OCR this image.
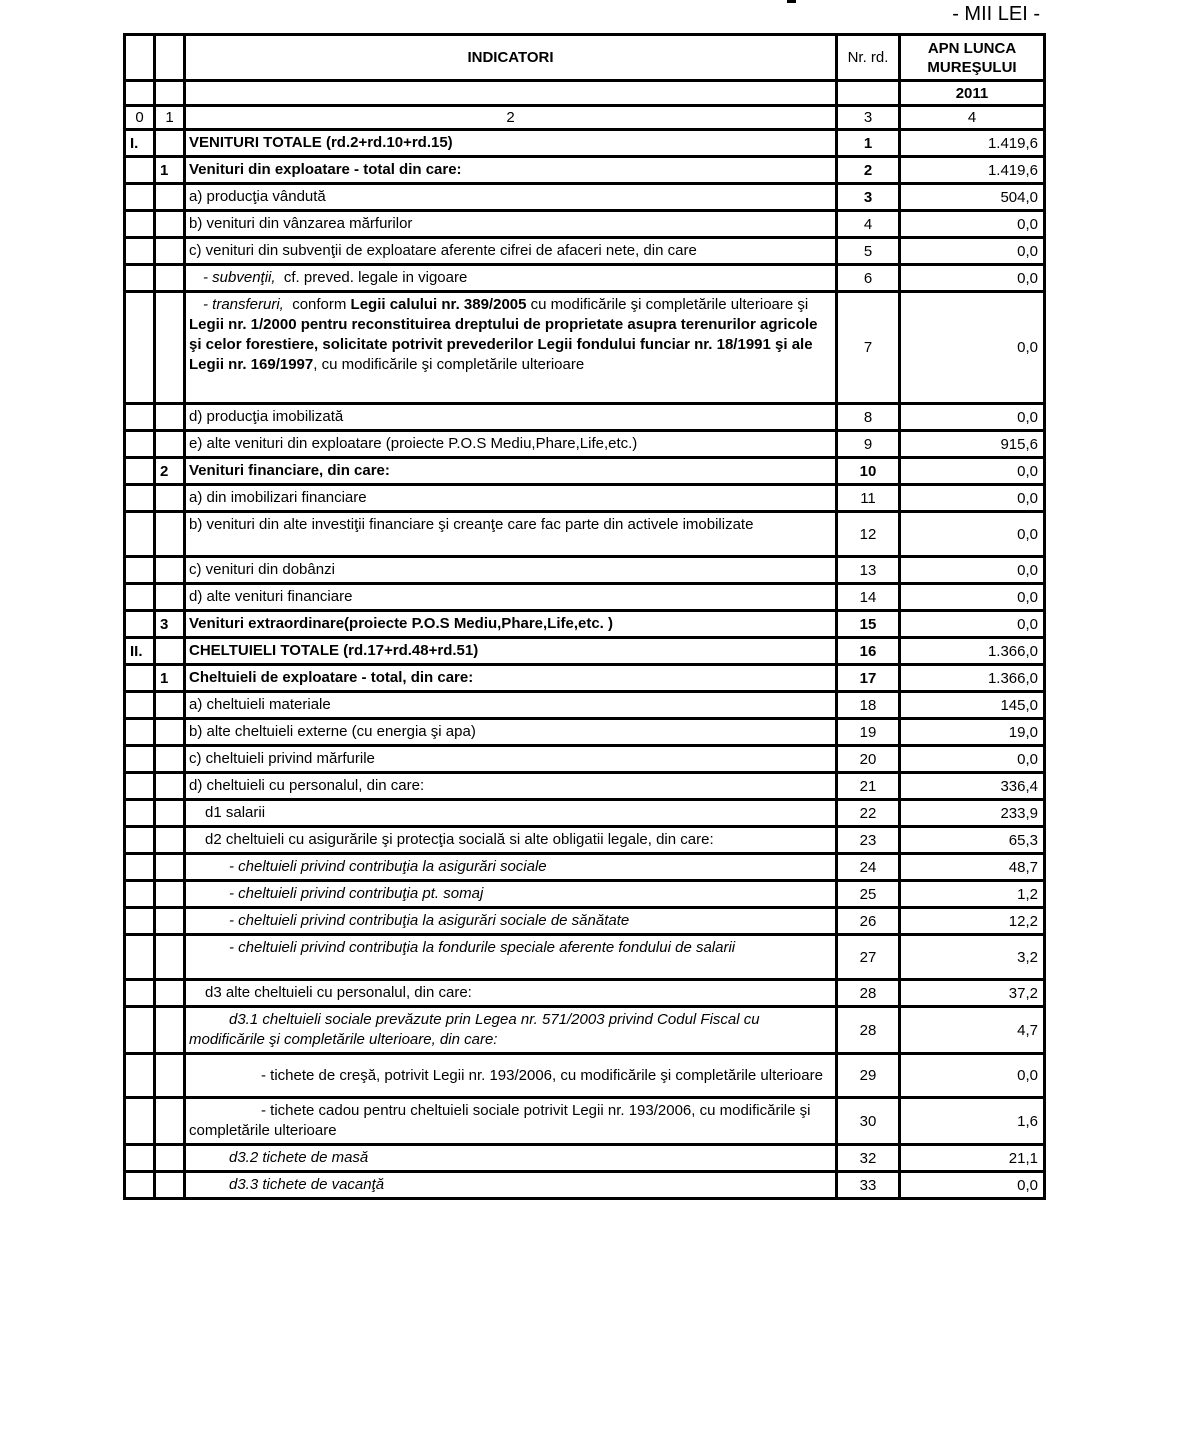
- MII LEI -
		INDICATORI	Nr. rd.	APN LUNCA MUREŞULUI
				2011
0	1	2	3	4
I.		VENITURI TOTALE (rd.2+rd.10+rd.15)	1	1.419,6
	1	Venituri din exploatare - total din care:	2	1.419,6

		a) producţia vândută	3	504,0

		b) venituri din vânzarea mărfurilor	4	0,0

		c) venituri din subvenţii de exploatare aferente cifrei de afaceri nete, din care	5	0,0

		- subvenţii,  cf. preved. legale in vigoare	6	0,0

		- transferuri,  conform Legii calului nr. 389/2005 cu modificările şi completările ulterioare şi Legii nr. 1/2000 pentru reconstituirea dreptului de proprietate asupra terenurilor agricole şi celor forestiere, solicitate potrivit prevederilor Legii fondului funciar nr. 18/1991 şi ale Legii nr. 169/1997, cu modificările şi completările ulterioare	7	0,0

		d) producţia imobilizată	8	0,0

		e) alte venituri din exploatare (proiecte P.O.S Mediu,Phare,Life,etc.)	9	915,6
	2	Venituri financiare, din care:	10	0,0

		a) din imobilizari financiare	11	0,0

		b) venituri din alte investiţii financiare şi creanţe care fac parte din activele imobilizate	12	0,0

		c) venituri din dobânzi	13	0,0

		d) alte venituri financiare	14	0,0
	3	Venituri extraordinare(proiecte P.O.S Mediu,Phare,Life,etc. )	15	0,0
II.		CHELTUIELI TOTALE (rd.17+rd.48+rd.51)	16	1.366,0
	1	Cheltuieli de exploatare - total, din care:	17	1.366,0

		a) cheltuieli materiale	18	145,0

		b) alte cheltuieli externe (cu energia şi apa)	19	19,0

		c) cheltuieli privind mărfurile	20	0,0

		d) cheltuieli cu personalul, din care:	21	336,4

		d1 salarii	22	233,9

		d2 cheltuieli cu asigurările şi protecţia socială si alte obligatii legale, din care:	23	65,3

		- cheltuieli privind contribuţia la asigurări sociale	24	48,7

		- cheltuieli privind contribuţia pt. somaj	25	1,2

		- cheltuieli privind contribuţia la asigurări sociale de sănătate	26	12,2

		- cheltuieli privind contribuţia la fondurile speciale aferente fondului de salarii	27	3,2

		d3 alte cheltuieli cu personalul, din care:	28	37,2

		d3.1 cheltuieli sociale prevăzute prin Legea nr. 571/2003 privind Codul Fiscal cu modificările şi completările ulterioare, din care:	28	4,7

		- tichete de creşă, potrivit Legii nr. 193/2006, cu modificările şi completările ulterioare	29	0,0

		- tichete cadou pentru cheltuieli sociale potrivit Legii nr. 193/2006, cu modificările şi completările ulterioare	30	1,6

		d3.2 tichete de masă	32	21,1

		d3.3 tichete de vacanţă	33	0,0
